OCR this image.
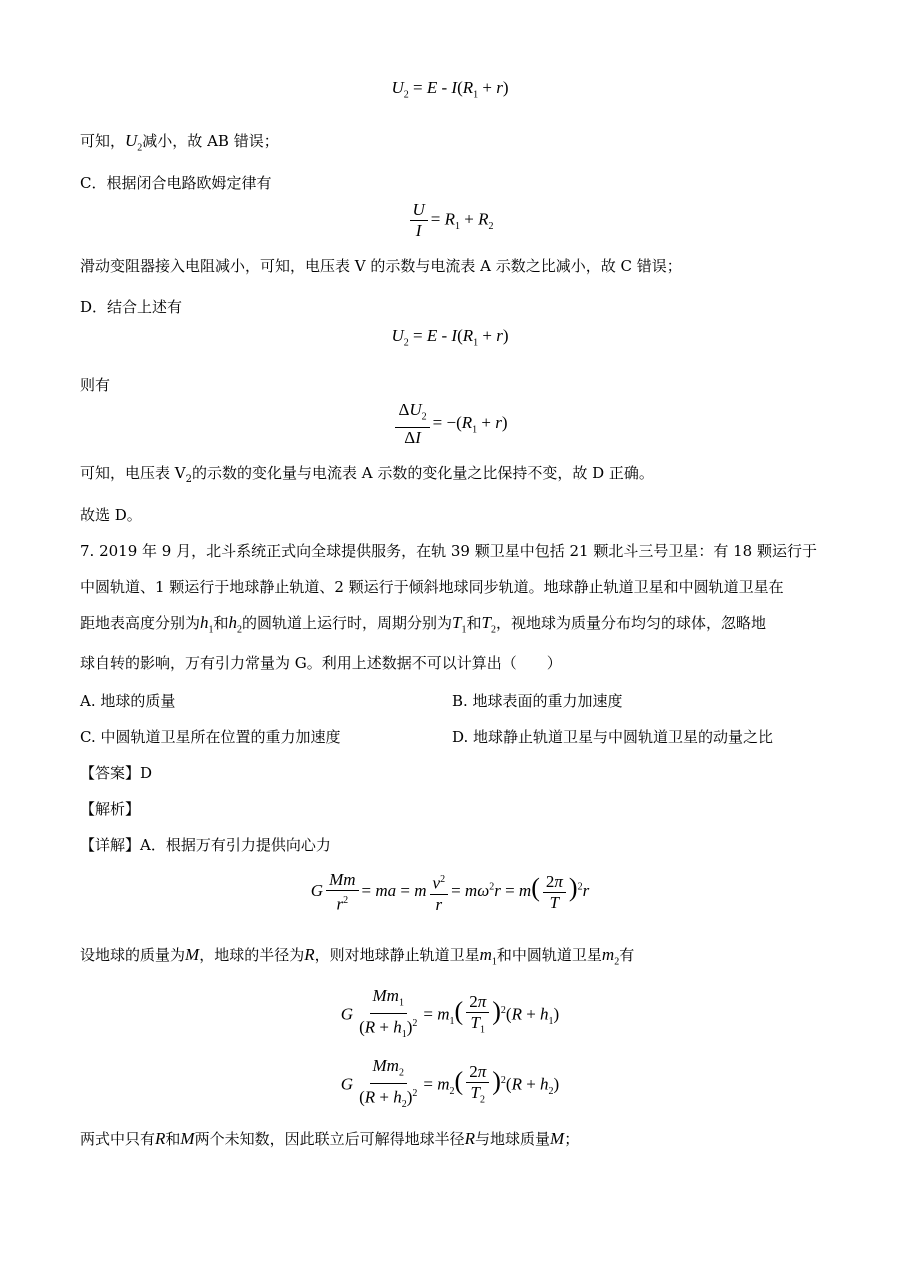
$U_2 = E - I(R_1 + r)$
可知，$U_2$减小，故 AB 错误；
C．根据闭合电路欧姆定律有
$\frac{U}{I} = R_1 + R_2$
滑动变阻器接入电阻减小，可知，电压表 V 的示数与电流表 A 示数之比减小，故 C 错误；
D．结合上述有
$U_2 = E - I(R_1 + r)$
则有
$\frac{\Delta U_2}{\Delta I} = -(R_1 + r)$
可知，电压表 $V_2$的示数的变化量与电流表 A 示数的变化量之比保持不变，故 D 正确。
故选 D。
7. 2019 年 9 月，北斗系统正式向全球提供服务，在轨 39 颗卫星中包括 21 颗北斗三号卫星：有 18 颗运行于
中圆轨道、1 颗运行于地球静止轨道、2 颗运行于倾斜地球同步轨道。地球静止轨道卫星和中圆轨道卫星在
距地表高度分别为$h_1$和$h_2$的圆轨道上运行时，周期分别为$T_1$和$T_2$，视地球为质量分布均匀的球体，忽略地
球自转的影响，万有引力常量为 G。利用上述数据不可以计算出（　　）
A. 地球的质量	B. 地球表面的重力加速度
C. 中圆轨道卫星所在位置的重力加速度	D. 地球静止轨道卫星与中圆轨道卫星的动量之比
【答案】D
【解析】
【详解】A．根据万有引力提供向心力
G $\frac{Mm}{r^2}$ = ma = m $\frac{v^2}{r} = m\omega^2r = m( \frac{2\pi}{T} )^2r$
设地球的质量为M，地球的半径为R，则对地球静止轨道卫星$m_1$和中圆轨道卫星$m_2$有
G $\frac{Mm_1}{(R + h_1)^2} = m_1( \frac{2\pi}{T_1} )^2(R + h_1)$
G $\frac{Mm_2}{(R + h_2)^2} = m_2( \frac{2\pi}{T_2} )^2(R + h_2)$
两式中只有R和M两个未知数，因此联立后可解得地球半径R与地球质量M；
